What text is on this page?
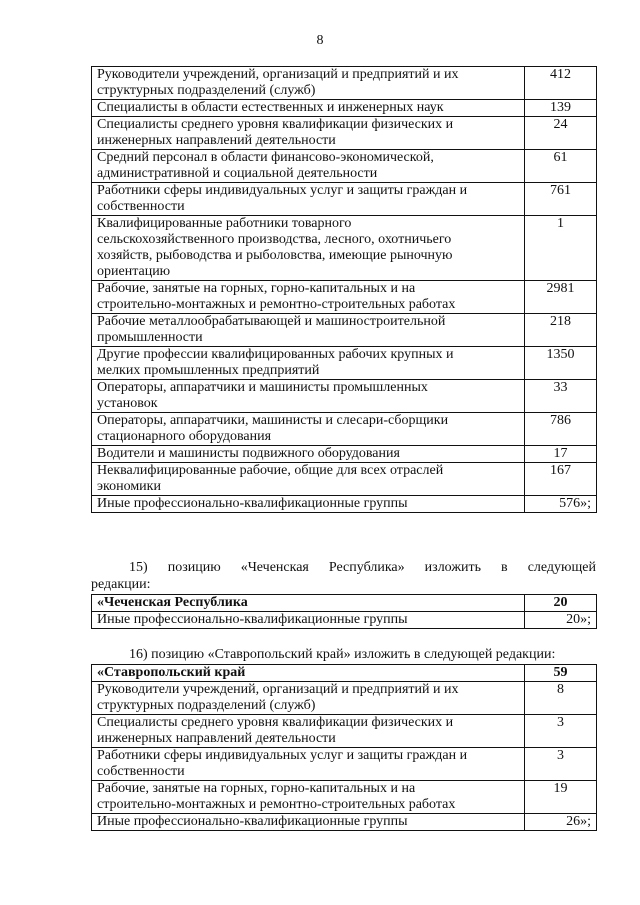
8
Руководители учреждений, организаций и предприятий и их
структурных подразделений (служб)	412

Специалисты в области естественных и инженерных наук	139

Специалисты среднего уровня квалификации физических и
инженерных направлений деятельности	24

Средний персонал в области финансово-экономической,
административной и социальной деятельности	61

Работники сферы индивидуальных услуг и защиты граждан и
собственности	761

Квалифицированные работники товарного
сельскохозяйственного производства, лесного, охотничьего
хозяйств, рыбоводства и рыболовства, имеющие рыночную
ориентацию	1

Рабочие, занятые на горных, горно-капитальных и на
строительно-монтажных и ремонтно-строительных работах	2981

Рабочие металлообрабатывающей и машиностроительной
промышленности	218

Другие профессии квалифицированных рабочих крупных и
мелких промышленных предприятий	1350

Операторы, аппаратчики и машинисты промышленных
установок	33

Операторы, аппаратчики, машинисты и слесари-сборщики
стационарного оборудования	786

Водители и машинисты подвижного оборудования	17

Неквалифицированные рабочие, общие для всех отраслей
экономики	167

Иные профессионально-квалификационные группы	576»;
15) позицию «Чеченская Республика» изложить в следующей
редакции:
«Чеченская Республика	20
Иные профессионально-квалификационные группы	20»;
16) позицию «Ставропольский край» изложить в следующей редакции:
«Ставропольский край	59

Руководители учреждений, организаций и предприятий и их
структурных подразделений (служб)	8

Специалисты среднего уровня квалификации физических и
инженерных направлений деятельности	3

Работники сферы индивидуальных услуг и защиты граждан и
собственности	3

Рабочие, занятые на горных, горно-капитальных и на
строительно-монтажных и ремонтно-строительных работах	19

Иные профессионально-квалификационные группы	26»;
